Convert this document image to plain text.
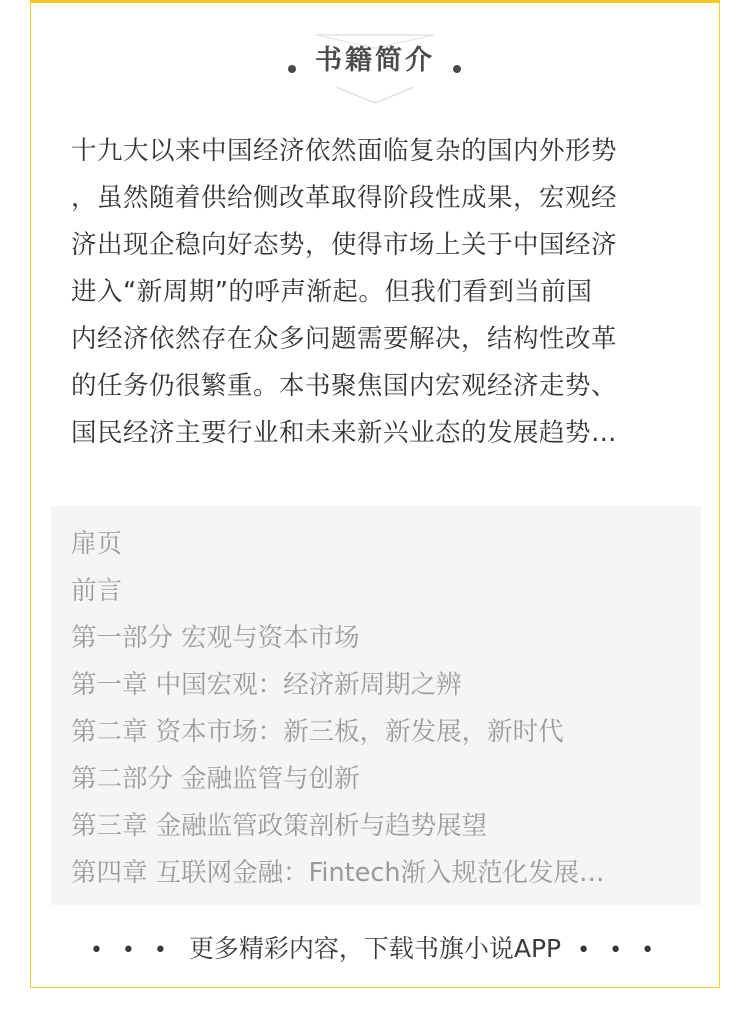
书籍简介

十九大以来中国经济依然面临复杂的国内外形势
，虽然随着供给侧改革取得阶段性成果，宏观经
济出现企稳向好态势，使得市场上关于中国经济
进入“新周期”的呼声渐起。但我们看到当前国
内经济依然存在众多问题需要解决，结构性改革
的任务仍很繁重。本书聚焦国内宏观经济走势、
国民经济主要行业和未来新兴业态的发展趋势…

扉页
前言
第一部分 宏观与资本市场
第一章 中国宏观：经济新周期之辨
第二章 资本市场：新三板，新发展，新时代
第二部分 金融监管与创新
第三章 金融监管政策剖析与趋势展望
第四章 互联网金融：Fintech渐入规范化发展…
• • • 更多精彩内容，下载书旗小说APP • • •
